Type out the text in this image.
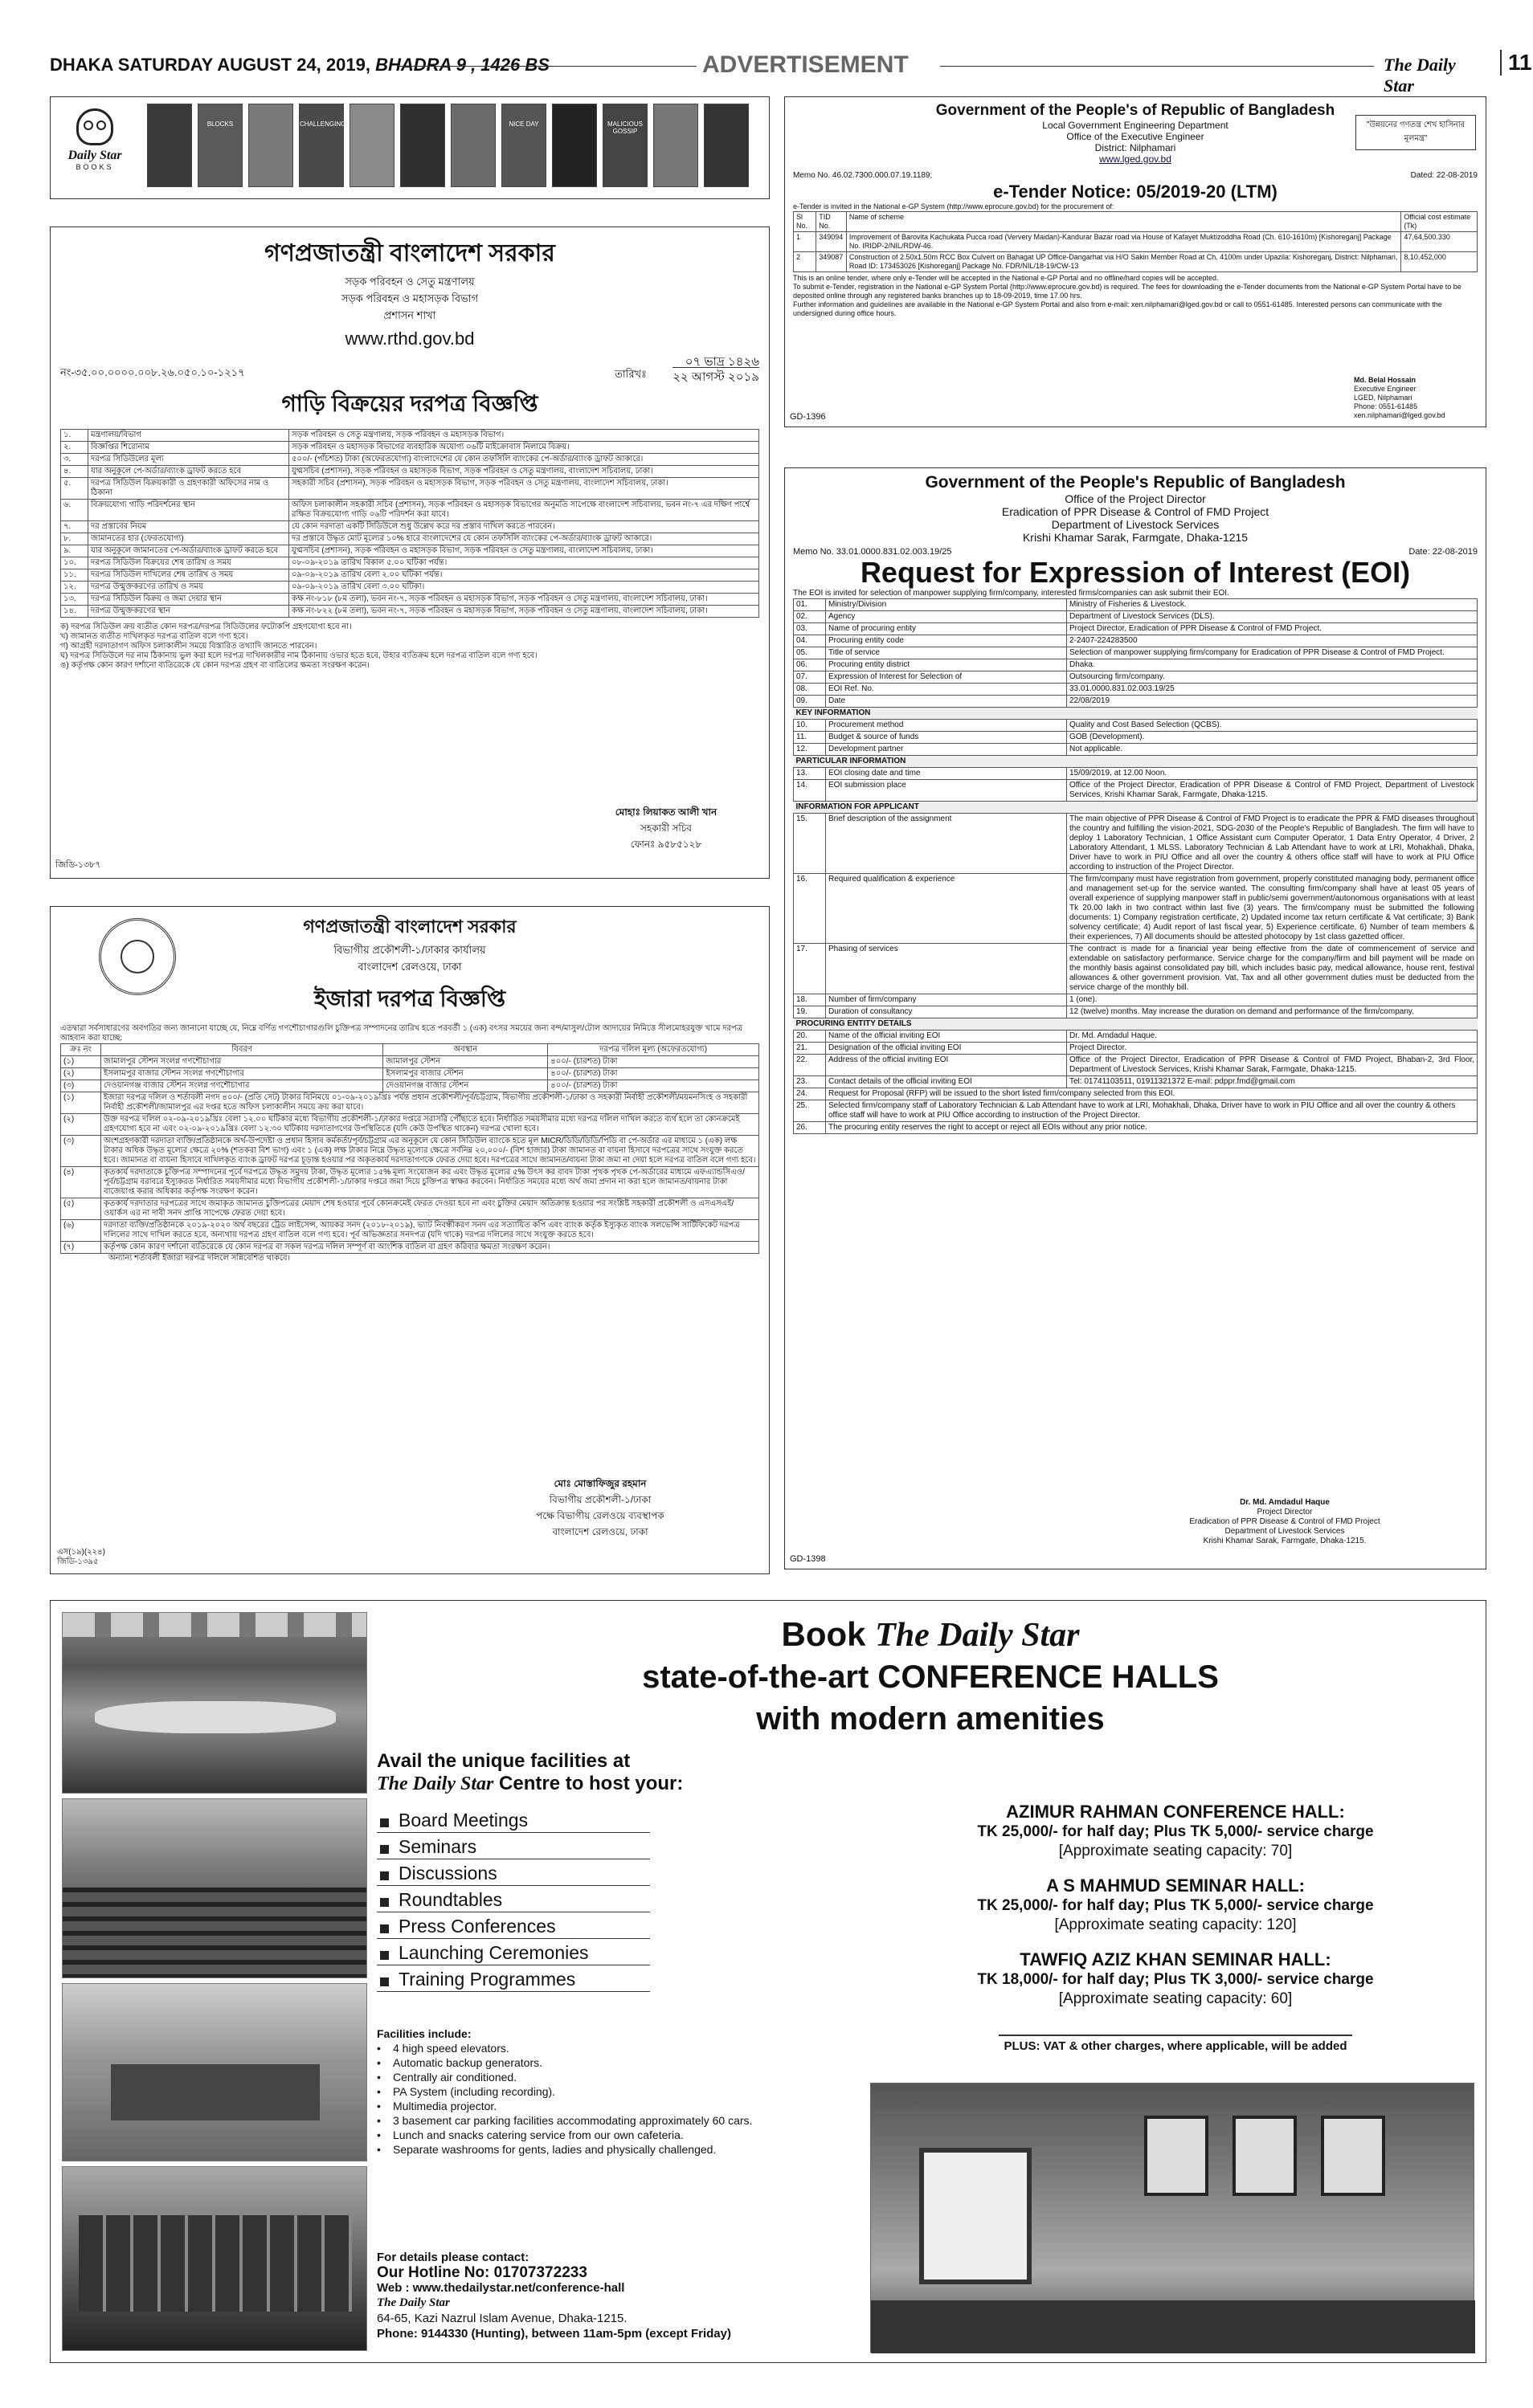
DHAKA SATURDAY AUGUST 24, 2019, BHADRA 9 , 1426 BS	ADVERTISEMENT	The Daily Star
11
Daily Star
BOOKS
BLOCKS	CHALLENGING	NICE DAY	MALICIOUS GOSSIP
Government of the People's of Republic of Bangladesh
Local Government Engineering Department
Office of the Executive Engineer
District: Nilphamari
www.lged.gov.bd
"উন্নয়নের গণতন্ত্র শেখ হাসিনার মূলমন্ত্র"
Memo No. 46.02.7300.000.07.19.1189;	Dated: 22-08-2019
e-Tender Notice: 05/2019-20 (LTM)
e-Tender is invited in the National e-GP System (http://www.eprocure.gov.bd) for the procurement of:
Sl No.	TID No.	Name of scheme	Official cost estimate (Tk)
1	349094	Improvement of Barovita Kachukata Pucca road (Ververy Maidan)-Kandurar Bazar road via House of Kafayet Muktizoddha Road (Ch. 610-1610m) [Kishoreganj] Package No. IRIDP-2/NIL/RDW-46.	47,64,500.330
2	349087	Construction of 2.50x1.50m RCC Box Culvert on Bahagat UP Office-Dangarhat via H/O Sakin Member Road at Ch. 4100m under Upazila: Kishoreganj, District: Nilphamari, Road ID: 173453026 [Kishoreganj] Package No. FDR/NIL/18-19/CW-13	8,10,452,000
This is an online tender, where only e-Tender will be accepted in the National e-GP Portal and no offline/hard copies will be accepted.
To submit e-Tender, registration in the National e-GP System Portal (http://www.eprocure.gov.bd) is required. The fees for downloading the e-Tender documents from the National e-GP System Portal have to be deposited online through any registered banks branches up to 18-09-2019, time 17.00 hrs.
Further information and guidelines are available in the National e-GP System Portal and also from e-mail: xen.nilphamari@lged.gov.bd or call to 0551-61485. Interested persons can communicate with the undersigned during office hours.
Md. Belal Hossain
Executive Engineer
LGED, Nilphamari
Phone: 0551-61485
xen.nilphamari@lged.gov.bd
GD-1396
গণপ্রজাতন্ত্রী বাংলাদেশ সরকার
সড়ক পরিবহন ও সেতু মন্ত্রণালয়
সড়ক পরিবহন ও মহাসড়ক বিভাগ
প্রশাসন শাখা
www.rthd.gov.bd
নং-৩৫.০০.০০০০.০০৮.২৬.০৫০.১০-১২১৭
০৭ ভাদ্র ১৪২৬
তারিখঃ ২২ আগস্ট ২০১৯
গাড়ি বিক্রয়ের দরপত্র বিজ্ঞপ্তি
১.	মন্ত্রণালয়/বিভাগ	সড়ক পরিবহন ও সেতু মন্ত্রণালয়, সড়ক পরিবহন ও মহাসড়ক বিভাগ।
২.	বিজ্ঞপ্তির শিরোনাম	সড়ক পরিবহন ও মহাসড়ক বিভাগের ব্যবহারিক অযোগ্য ০৬টি মাইক্রোবাস নিলামে বিক্রয়।
৩.	দরপত্র সিডিউলের মূল্য	৫০০/- (পাঁচশত) টাকা (অফেরতযোগ্য) বাংলাদেশের যে কোন তফসিলি ব্যাংকের পে-অর্ডার/ব্যাংক ড্রাফট আকারে।
৪.	যার অনুকূলে পে-অর্ডার/ব্যাংক ড্রাফট করতে হবে	যুগ্মসচিব (প্রশাসন), সড়ক পরিবহন ও মহাসড়ক বিভাগ, সড়ক পরিবহন ও সেতু মন্ত্রণালয়, বাংলাদেশ সচিবালয়, ঢাকা।
৫.	দরপত্র সিডিউল বিক্রয়কারী ও গ্রহণকারী অফিসের নাম ও ঠিকানা	সহকারী সচিব (প্রশাসন), সড়ক পরিবহন ও মহাসড়ক বিভাগ, সড়ক পরিবহন ও সেতু মন্ত্রণালয়, বাংলাদেশ সচিবালয়, ঢাকা।
৬.	বিক্রয়যোগ্য গাড়ি পরিদর্শনের স্থান	অফিস চলাকালীন সহকারী সচিব (প্রশাসন), সড়ক পরিবহন ও মহাসড়ক বিভাগের অনুমতি সাপেক্ষে বাংলাদেশ সচিবালয়, ভবন নং-৭ এর দক্ষিণ পার্শ্বে রক্ষিত বিক্রয়যোগ্য গাড়ি ০৬টি পরিদর্শন করা যাবে।
৭.	দর প্রস্তাবের নিয়ম	যে কোন দরদাতা একটি সিডিউলে শুধু উল্লেখ করে দর প্রস্তাব দাখিল করতে পারবেন।
৮.	জামানতের হার (ফেরতযোগ্য)	দর প্রস্তাবে উদ্ধৃত মোট মূল্যের ১০% হারে বাংলাদেশের যে কোন তফসিলি ব্যাংকের পে-অর্ডার/ব্যাংক ড্রাফট আকারে।
৯.	যার অনুকূলে জামানতের পে-অর্ডার/ব্যাংক ড্রাফট করতে হবে	যুগ্মসচিব (প্রশাসন), সড়ক পরিবহন ও মহাসড়ক বিভাগ, সড়ক পরিবহন ও সেতু মন্ত্রণালয়, বাংলাদেশ সচিবালয়, ঢাকা।
১০.	দরপত্র সিডিউল বিক্রয়ের শেষ তারিখ ও সময়	০৮-০৯-২০১৯ তারিখ বিকাল ৫.০০ ঘটিকা পর্যন্ত।
১১.	দরপত্র সিডিউল দাখিলের শেষ তারিখ ও সময়	০৯-০৯-২০১৯ তারিখ বেলা ২.০০ ঘটিকা পর্যন্ত।
১২.	দরপত্র উন্মুক্তকরণের তারিখ ও সময়	০৯-০৯-২০১৯ তারিখ বেলা ৩.০০ ঘটিকা।
১৩.	দরপত্র সিডিউল বিক্রয় ও জমা দেয়ার স্থান	কক্ষ নং-৮১৮ (৮ম তলা), ভবন নং-৭, সড়ক পরিবহন ও মহাসড়ক বিভাগ, সড়ক পরিবহন ও সেতু মন্ত্রণালয়, বাংলাদেশ সচিবালয়, ঢাকা।
১৪.	দরপত্র উন্মুক্তকরণের স্থান	কক্ষ নং-৮২২ (৮ম তলা), ভবন নং-৭, সড়ক পরিবহন ও মহাসড়ক বিভাগ, সড়ক পরিবহন ও সেতু মন্ত্রণালয়, বাংলাদেশ সচিবালয়, ঢাকা।
ক) দরপত্র সিডিউল ক্রয় ব্যতীত কোন দরপত্র/দরপত্র সিডিউলের ফটোকপি গ্রহণযোগ্য হবে না।
খ) জামানত ব্যতীত দাখিলকৃত দরপত্র বাতিল বলে গণ্য হবে।
গ) আগ্রহী দরদাতাগণ অফিস চলাকালীন সময়ে বিস্তারিত তথ্যাদি জানতে পারবেন।
ঘ) দরপত্র সিডিউলে দর নাম ঠিকানায় ভুল করা হলে দরপত্র দাখিলকারীর নাম ঠিকানায় ওভার হতে হবে, উহার ব্যতিক্রম হলে দরপত্র বাতিল বলে গণ্য হবে।
ঙ) কর্তৃপক্ষ কোন কারণ দর্শানো ব্যতিরেকে যে কোন দরপত্র গ্রহণ বা বাতিলের ক্ষমতা সংরক্ষণ করেন।
মোহাঃ লিয়াকত আলী খান
সহকারী সচিব
ফোনঃ ৯৫৮৫১২৮
জিডি-১৩৮৭
গণপ্রজাতন্ত্রী বাংলাদেশ সরকার
বিভাগীয় প্রকৌশলী-১/ঢাকার কার্যালয়
বাংলাদেশ রেলওয়ে, ঢাকা
ইজারা দরপত্র বিজ্ঞপ্তি
এতদ্বারা সর্বসাধারণের অবগতির জন্য জানানো যাচ্ছে যে, নিম্নে বর্ণিত গণশৌচাগারগুলি চুক্তিপত্র সম্পাদনের তারিখ হতে পরবর্তী ১ (এক) বৎসর সময়ের জন্য বন্দ/মাসুল/টোল আদায়ের নিমিত্তে সীলমোহরযুক্ত খামে দরপত্র আহবান করা যাচ্ছে:
ক্রঃ নং	বিবরণ	অবস্থান	দরপত্র দলিল মূল্য (অফেরতযোগ্য)
(১)	জামালপুর স্টেশন সংলগ্ন গণশৌচাগার	জামালপুর স্টেশন	৪০০/- (চারশত) টাকা
(২)	ইসলামপুর বাজার স্টেশন সংলগ্ন গণশৌচাগার	ইসলামপুর বাজার স্টেশন	৪০০/- (চারশত) টাকা
(৩)	দেওয়ানগঞ্জ বাজার স্টেশন সংলগ্ন গণশৌচাগার	দেওয়ানগঞ্জ বাজার স্টেশন	৪০০/- (চারশত) টাকা
(১)	ইজারা দরপত্র দলিল ও শর্তাবলী নগদ ৪০০/- (প্রতি সেট) টাকার বিনিময়ে ০১-০৯-২০১৯খ্রিঃ পর্যন্ত প্রধান প্রকৌশলী/পূর্ব/চট্টগ্রাম, বিভাগীয় প্রকৌশলী-১/ঢাকা ও সহকারী নির্বাহী প্রকৌশলী/ময়মনসিংহ ও সহকারী নির্বাহী প্রকৌশলী/জামালপুর এর দপ্তর হতে অফিস চলাকালীন সময়ে ক্রয় করা যাবে।
(২)	উক্ত দরপত্র দলিল ০২-০৯-২০১৯খ্রিঃ বেলা ১২.০০ ঘটিকার মধ্যে বিভাগীয় প্রকৌশলী-১/ঢাকার দপ্তরে সরাসরি পৌঁছাতে হবে। নির্ধারিত সময়সীমার মধ্যে দরপত্র দলিল দাখিল করতে ব্যর্থ হলে তা কোনক্রমেই গ্রহণযোগ্য হবে না এবং ০২-০৯-২০১৯খ্রিঃ বেলা ১২.৩০ ঘটিকায় দরদাতাগণের উপস্থিতিতে (যদি কেউ উপস্থিত থাকেন) দরপত্র খোলা হবে।
(৩)	অংশগ্রহণকারী দরদাতা ব্যক্তি/প্রতিষ্ঠানকে অর্থ-উপদেষ্টা ও প্রধান হিসাব কর্মকর্তা/পূর্ব/চট্টগ্রাম এর অনুকূলে যে কোন সিডিউল ব্যাংকে হতে মূল MICR/ডিডি/ডিডি/পিডি বা পে-অর্ডার এর মাধ্যমে ১ (এক) লক্ষ টাকার অধিক উদ্ধৃত মূল্যের ক্ষেত্রে ২০% (শতকরা বিশ ভাগ) এবং ১ (এক) লক্ষ টাকার নিম্নে উদ্ধৃত মূল্যের ক্ষেত্রে সর্বনিম্ন ২০,০০০/- (বিশ হাজার) টাকা জামানত বা বায়না হিসাবে দরপত্রের সাথে সংযুক্ত করতে হবে। জামানত বা বায়না হিসাবে দাখিলকৃত ব্যাংক ড্রাফট দরপত্র চূড়ান্ত হওয়ার পর অকৃতকার্য দরদাতাগণকে ফেরত দেয়া হবে। দরপত্রের সাথে জামানত/বায়না টাকা জমা না দেয়া হলে দরপত্র বাতিল বলে গণ্য হবে।
(৪)	কৃতকার্য দরদাতাকে চুক্তিপত্র সম্পাদনের পূর্বে দরপত্রে উদ্ধৃত সমুদয় টাকা, উদ্ধৃত মূল্যের ১৫% মূল্য সংযোজন কর এবং উদ্ধৃত মূল্যের ৫% উৎস কর বাবদ টাকা পৃথক পৃথক পে-অর্ডারের মাধ্যমে এফএ্যান্ডসিএও/পূর্ব/চট্টগ্রাম বরাবরে ইস্যুকরত নির্ধারিত সময়সীমার মধ্যে বিভাগীয় প্রকৌশলী-১/ঢাকার দপ্তরে জমা দিয়ে চুক্তিপত্র স্বাক্ষর করবেন। নির্ধারিত সময়ের মধ্যে অর্থ জমা প্রদান না করা হলে জামানত/বায়নার টাকা বাজেয়াপ্ত করার অধিকার কর্তৃপক্ষ সংরক্ষণ করেন।
(৫)	কৃতকার্য দরদাতার দরপত্রের সাথে জমাকৃত জামানত চুক্তিপত্রের মেয়াদ শেষ হওয়ার পূর্বে কোনক্রমেই ফেরত দেওয়া হবে না এবং চুক্তির মেয়াদ অতিক্রান্ত হওয়ার পর সংশ্লিষ্ট সহকারী প্রকৌশলী ও এসএসএই/ওয়ার্কস এর না দাবী সনদ প্রাপ্তি সাপেক্ষে ফেরত দেয়া হবে।
(৬)	দরদাতা ব্যক্তি/প্রতিষ্ঠানকে ২০১৯-২০২০ অর্থ বছরের ট্রেড লাইসেন্স, আয়কর সনদ (২০১৮-২০১৯), ভ্যাট নিবন্ধীকরণ সনদ এর সত্যায়িত কপি এবং ব্যাংক কর্তৃক ইস্যুকৃত ব্যাংক সলভেন্সি সার্টিফিকেট দরপত্র দলিলের সাথে দাখিল করতে হবে, অন্যথায় দরপত্র গ্রহণ বাতিল বলে গণ্য হবে। পূর্ব অভিজ্ঞতার সনদপত্র (যদি থাকে) দরপত্র দলিলের সাথে সংযুক্ত করতে হবে।
(৭)	কর্তৃপক্ষ কোন কারণ দর্শানো ব্যতিরেকে যে কোন দরপত্র বা সকল দরপত্র দলিল সম্পূর্ণ বা আংশিক বাতিল বা গ্রহণ করিবার ক্ষমতা সংরক্ষণ করেন।
অন্যান্য শর্তাবলী ইজারা দরপত্র দলিলে সন্নিবেশিত থাকবে।
মোঃ মোস্তাফিজুর রহমান
বিভাগীয় প্রকৌশলী-১/ঢাকা
পক্ষে বিভাগীয় রেলওয়ে ব্যবস্থাপক
বাংলাদেশ রেলওয়ে, ঢাকা
এস(১৯)(২২৪)
জিডি-১৩৯৫
Government of the People's Republic of Bangladesh
Office of the Project Director
Eradication of PPR Disease & Control of FMD Project
Department of Livestock Services
Krishi Khamar Sarak, Farmgate, Dhaka-1215
Memo No. 33.01.0000.831.02.003.19/25	Date: 22-08-2019
Request for Expression of Interest (EOI)
The EOI is invited for selection of manpower supplying firm/company, interested firms/companies can ask submit their EOI.
01.	Ministry/Division	Ministry of Fisheries & Livestock.
02.	Agency	Department of Livestock Services (DLS).
03.	Name of procuring entity	Project Director, Eradication of PPR Disease & Control of FMD Project.
04.	Procuring entity code	2-2407-224283500
05.	Title of service	Selection of manpower supplying firm/company for Eradication of PPR Disease & Control of FMD Project.
06.	Procuring entity district	Dhaka.
07.	Expression of Interest for Selection of	Outsourcing firm/company.
08.	EOI Ref. No.	33.01.0000.831.02.003.19/25
09.	Date	22/08/2019
KEY INFORMATION		
10.	Procurement method	Quality and Cost Based Selection (QCBS).
11.	Budget & source of funds	GOB (Development).
12.	Development partner	Not applicable.
PARTICULAR INFORMATION		
13.	EOI closing date and time	15/09/2019, at 12.00 Noon.
14.	EOI submission place	Office of the Project Director, Eradication of PPR Disease & Control of FMD Project, Department of Livestock Services, Krishi Khamar Sarak, Farmgate, Dhaka-1215.
INFORMATION FOR APPLICANT		
15.	Brief description of the assignment	The main objective of PPR Disease & Control of FMD Project is to eradicate the PPR & FMD diseases throughout the country and fulfilling the vision-2021, SDG-2030 of the People's Republic of Bangladesh. The firm will have to deploy 1 Laboratory Technician, 1 Office Assistant cum Computer Operator, 1 Data Entry Operator, 4 Driver, 2 Laboratory Attendant, 1 MLSS. Laboratory Technician & Lab Attendant have to work at LRI, Mohakhali, Dhaka, Driver have to work in PIU Office and all over the country & others office staff will have to work at PIU Office according to instruction of the Project Director.
16.	Required qualification & experience	The firm/company must have registration from government, properly constituted managing body, permanent office and management set-up for the service wanted. The consulting firm/company shall have at least 05 years of overall experience of supplying manpower staff in public/semi government/autonomous organisations with at least Tk 20.00 lakh in two contract within last five (3) years. The firm/company must be submitted the following documents: 1) Company registration certificate, 2) Updated income tax return certificate & Vat certificate; 3) Bank solvency certificate; 4) Audit report of last fiscal year, 5) Experience certificate, 6) Number of team members & their experiences, 7) All documents should be attested photocopy by 1st class gazetted officer.
17.	Phasing of services	The contract is made for a financial year being effective from the date of commencement of service and extendable on satisfactory performance. Service charge for the company/firm and bill payment will be made on the monthly basis against consolidated pay bill, which includes basic pay, medical allowance, house rent, festival allowances & other government provision. Vat, Tax and all other government duties must be deducted from the service charge of the monthly bill.
18.	Number of firm/company	1 (one).
19.	Duration of consultancy	12 (twelve) months. May increase the duration on demand and performance of the firm/company.
PROCURING ENTITY DETAILS		
20.	Name of the official inviting EOI	Dr. Md. Amdadul Haque.
21.	Designation of the official inviting EOI	Project Director.
22.	Address of the official inviting EOI	Office of the Project Director, Eradication of PPR Disease & Control of FMD Project, Bhaban-2, 3rd Floor, Department of Livestock Services, Krishi Khamar Sarak, Farmgate, Dhaka-1215.
23.	Contact details of the official inviting EOI	Tel: 01741103511, 01911321372 E-mail: pdppr.fmd@gmail.com
24.	Request for Proposal (RFP) will be issued to the short listed firm/company selected from this EOI.	
25.	Selected firm/company staff of Laboratory Technician & Lab Attendant have to work at LRI, Mohakhali, Dhaka, Driver have to work in PIU Office and all over the country & others office staff will have to work at PIU Office according to instruction of the Project Director.	
26.	The procuring entity reserves the right to accept or reject all EOIs without any prior notice.	
Dr. Md. Amdadul Haque
Project Director
Eradication of PPR Disease & Control of FMD Project
Department of Livestock Services
Krishi Khamar Sarak, Farmgate, Dhaka-1215.
GD-1398
Book The Daily Star
state-of-the-art CONFERENCE HALLS
with modern amenities
Avail the unique facilities at
The Daily Star Centre to host your:
Board Meetings
Seminars
Discussions
Roundtables
Press Conferences
Launching Ceremonies
Training Programmes
Facilities include:
•	4 high speed elevators.
•	Automatic backup generators.
•	Centrally air conditioned.
•	PA System (including recording).
•	Multimedia projector.
•	3 basement car parking facilities accommodating approximately 60 cars.
•	Lunch and snacks catering service from our own cafeteria.
•	Separate washrooms for gents, ladies and physically challenged.
For details please contact:
Our Hotline No: 01707372233
Web : www.thedailystar.net/conference-hall
The Daily Star
64-65, Kazi Nazrul Islam Avenue, Dhaka-1215.
Phone: 9144330 (Hunting), between 11am-5pm (except Friday)
AZIMUR RAHMAN CONFERENCE HALL:
TK 25,000/- for half day; Plus TK 5,000/- service charge
[Approximate seating capacity: 70]
A S MAHMUD SEMINAR HALL:
TK 25,000/- for half day; Plus TK 5,000/- service charge
[Approximate seating capacity: 120]
TAWFIQ AZIZ KHAN SEMINAR HALL:
TK 18,000/- for half day; Plus TK 3,000/- service charge
[Approximate seating capacity: 60]
PLUS: VAT & other charges, where applicable, will be added
